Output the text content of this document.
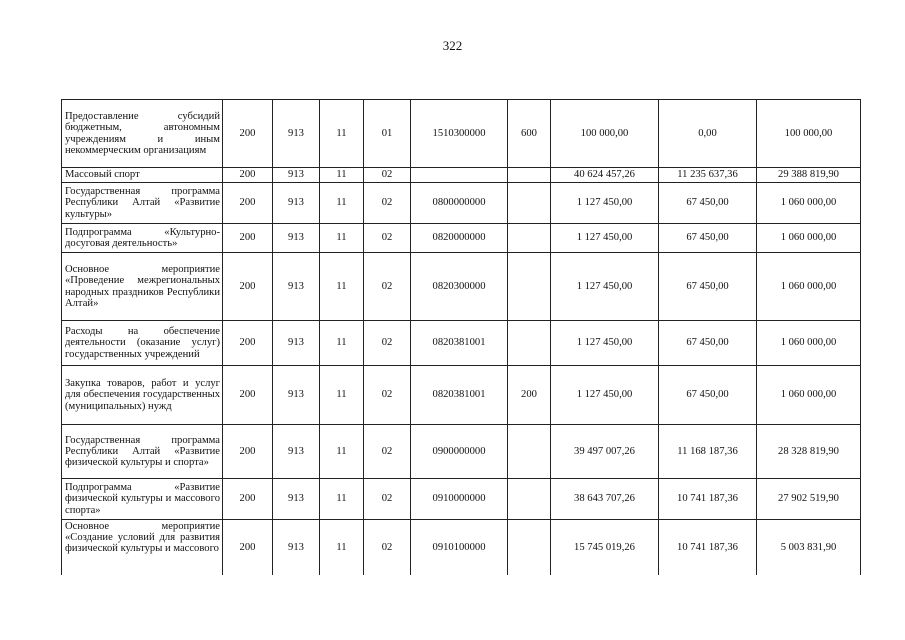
322
Предоставление субсидий бюджетным, автономным учреждениям и иным некоммерческим организациям	200	913	11	01	1510300000	600	100 000,00	0,00	100 000,00
Массовый спорт	200	913	11	02			40 624 457,26	11 235 637,36	29 388 819,90
Государственная программа Республики Алтай «Развитие культуры»	200	913	11	02	0800000000		1 127 450,00	67 450,00	1 060 000,00
Подпрограмма «Культурно-досуговая деятельность»	200	913	11	02	0820000000		1 127 450,00	67 450,00	1 060 000,00
Основное мероприятие «Проведение межрегиональных народных праздников Республики Алтай»	200	913	11	02	0820300000		1 127 450,00	67 450,00	1 060 000,00
Расходы на обеспечение деятельности (оказание услуг) государственных учреждений	200	913	11	02	0820381001		1 127 450,00	67 450,00	1 060 000,00
Закупка товаров, работ и услуг для обеспечения государственных (муниципальных) нужд	200	913	11	02	0820381001	200	1 127 450,00	67 450,00	1 060 000,00
Государственная программа Республики Алтай «Развитие физической культуры и спорта»	200	913	11	02	0900000000		39 497 007,26	11 168 187,36	28 328 819,90
Подпрограмма «Развитие физической культуры и массового спорта»	200	913	11	02	0910000000		38 643 707,26	10 741 187,36	27 902 519,90
Основное мероприятие «Создание условий для развития физической культуры и массового	200	913	11	02	0910100000		15 745 019,26	10 741 187,36	5 003 831,90
